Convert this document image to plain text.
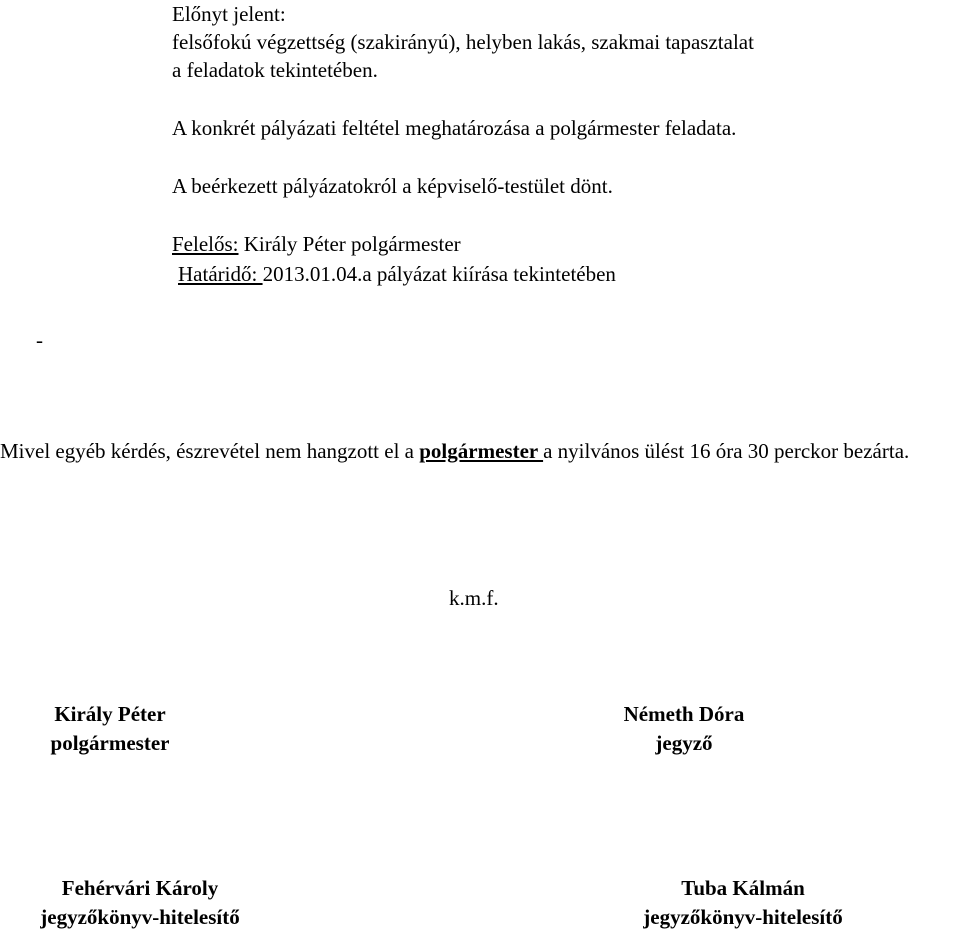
Előnyt jelent:

felsőfokú végzettség (szakirányú), helyben lakás, szakmai tapasztalat

a feladatok tekintetében.

A konkrét pályázati feltétel meghatározása a polgármester feladata.

A beérkezett pályázatokról a képviselő-testület dönt.

Felelős: Király Péter polgármester

Határidő: 2013.01.04.a pályázat kiírása tekintetében

-

Mivel egyéb kérdés, észrevétel nem hangzott el a polgármester a nyilvános ülést 16 óra 30 perckor bezárta.

k.m.f.

Király Péter
polgármester
Németh Dóra
jegyző
Fehérvári Károly
jegyzőkönyv-hitelesítő
Tuba Kálmán
jegyzőkönyv-hitelesítő
